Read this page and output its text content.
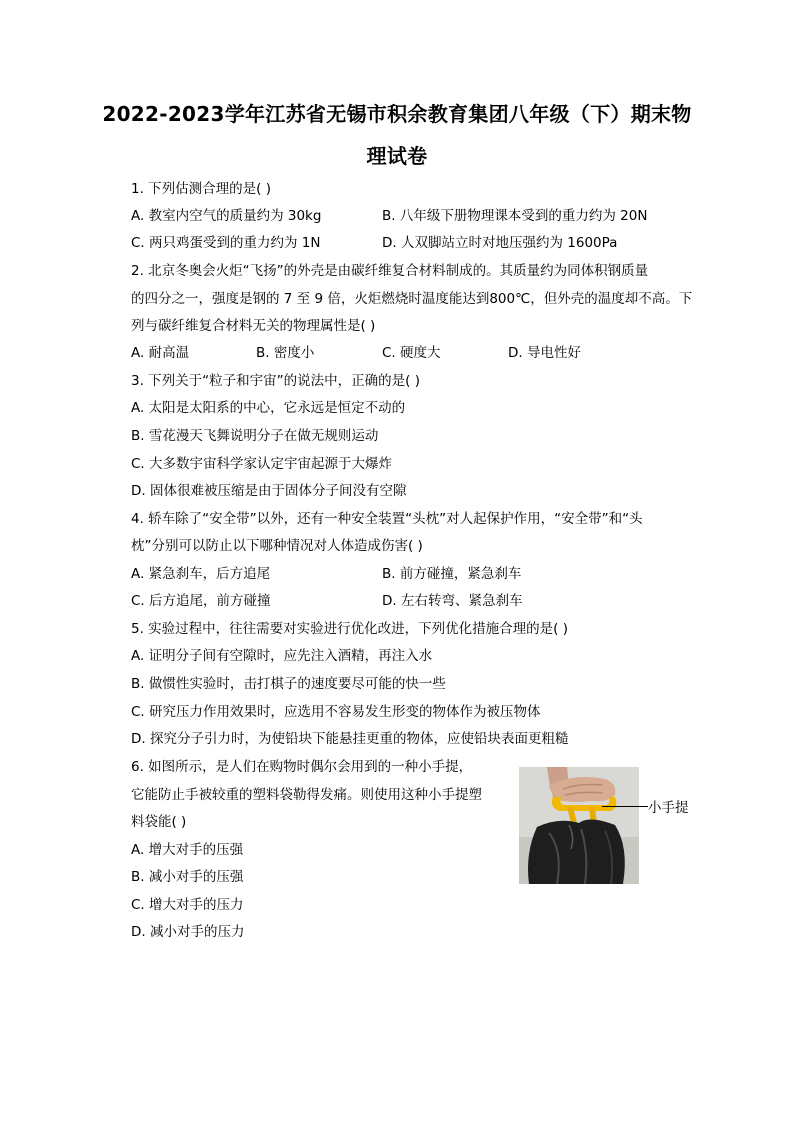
2022-2023学年江苏省无锡市积余教育集团八年级（下）期末物
理试卷
1. 下列估测合理的是( )
A. 教室内空气的质量约为 30kg	B. 八年级下册物理课本受到的重力约为 20N
C. 两只鸡蛋受到的重力约为 1N	D. 人双脚站立时对地压强约为 1600Pa
2. 北京冬奥会火炬“飞扬”的外壳是由碳纤维复合材料制成的。其质量约为同体积钢质量
的四分之一，强度是钢的 7 至 9 倍，火炬燃烧时温度能达到800℃，但外壳的温度却不高。下
列与碳纤维复合材料无关的物理属性是( )
A. 耐高温	B. 密度小	C. 硬度大	D. 导电性好
3. 下列关于“粒子和宇宙”的说法中，正确的是( )
A. 太阳是太阳系的中心，它永远是恒定不动的
B. 雪花漫天飞舞说明分子在做无规则运动
C. 大多数宇宙科学家认定宇宙起源于大爆炸
D. 固体很难被压缩是由于固体分子间没有空隙
4. 轿车除了“安全带”以外，还有一种安全装置“头枕”对人起保护作用，“安全带”和“头
枕”分别可以防止以下哪种情况对人体造成伤害( )
A. 紧急刹车，后方追尾	B. 前方碰撞，紧急刹车
C. 后方追尾，前方碰撞	D. 左右转弯、紧急刹车
5. 实验过程中，往往需要对实验进行优化改进，下列优化措施合理的是( )
A. 证明分子间有空隙时，应先注入酒精，再注入水
B. 做惯性实验时，击打棋子的速度要尽可能的快一些
C. 研究压力作用效果时，应选用不容易发生形变的物体作为被压物体
D. 探究分子引力时，为使铅块下能悬挂更重的物体，应使铅块表面更粗糙
6. 如图所示，是人们在购物时偶尔会用到的一种小手提，
它能防止手被较重的塑料袋勒得发痛。则使用这种小手提塑
料袋能( )
A. 增大对手的压强
B. 减小对手的压强
C. 增大对手的压力
D. 减小对手的压力
小手提
